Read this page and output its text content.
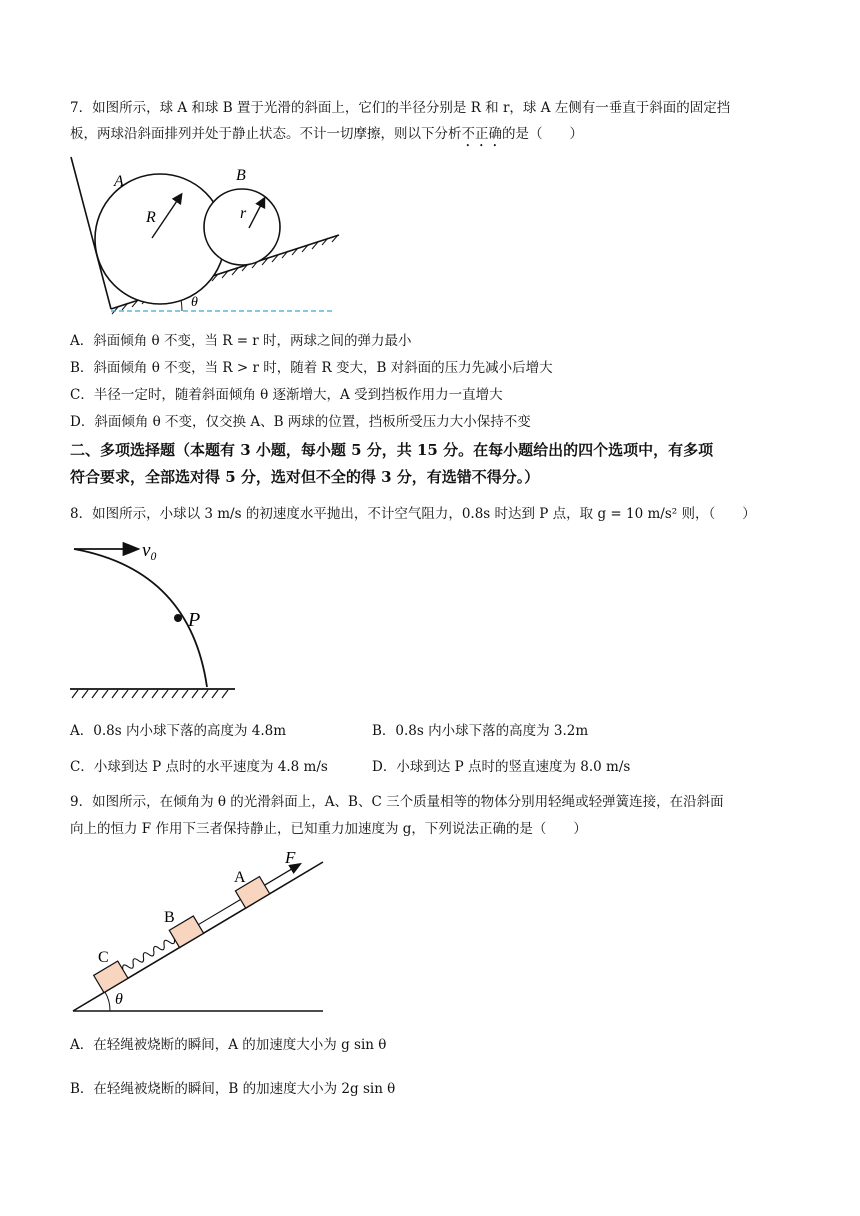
7．如图所示，球 A 和球 B 置于光滑的斜面上，它们的半径分别是 R 和 r，球 A 左侧有一垂直于斜面的固定挡
板，两球沿斜面排列并处于静止状态。不计一切摩擦，则以下分析不正确的是（　　）
θ
R
A
r
B
A．斜面倾角 θ 不变，当 R = r 时，两球之间的弹力最小
B．斜面倾角 θ 不变，当 R > r 时，随着 R 变大，B 对斜面的压力先减小后增大
C．半径一定时，随着斜面倾角 θ 逐渐增大，A 受到挡板作用力一直增大
D．斜面倾角 θ 不变，仅交换 A、B 两球的位置，挡板所受压力大小保持不变
二、多项选择题（本题有 3 小题，每小题 5 分，共 15 分。在每小题给出的四个选项中，有多项
符合要求，全部选对得 5 分，选对但不全的得 3 分，有选错不得分。）
8．如图所示，小球以 3 m/s 的初速度水平抛出，不计空气阻力，0.8s 时达到 P 点，取 g = 10 m/s² 则，（　　）
v₀
P
A．0.8s 内小球下落的高度为 4.8m	B．0.8s 内小球下落的高度为 3.2m
C．小球到达 P 点时的水平速度为 4.8 m/s	D．小球到达 P 点时的竖直速度为 8.0 m/s
9．如图所示，在倾角为 θ 的光滑斜面上，A、B、C 三个质量相等的物体分别用轻绳或轻弹簧连接，在沿斜面
向上的恒力 F 作用下三者保持静止，已知重力加速度为 g，下列说法正确的是（　　）
θ
F
A
B
C
A．在轻绳被烧断的瞬间，A 的加速度大小为 g sin θ
B．在轻绳被烧断的瞬间，B 的加速度大小为 2g sin θ
